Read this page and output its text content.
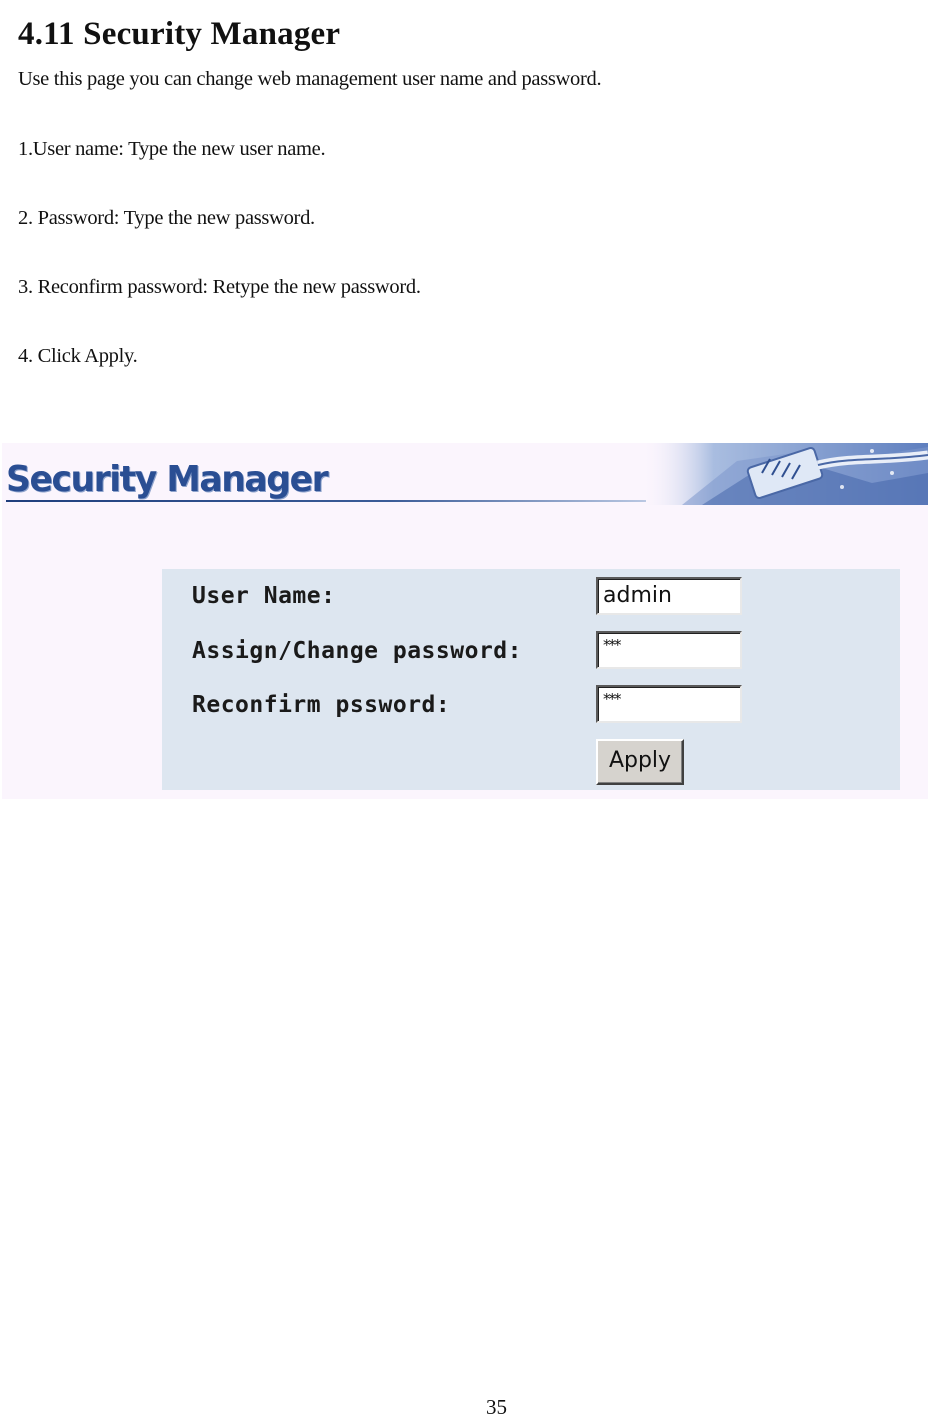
4.11 Security Manager

Use this page you can change web management user name and password.

1.User name: Type the new user name.

2. Password: Type the new password.

3. Reconfirm password: Retype the new password.

4. Click Apply.

Security Manager
User Name:	admin
Assign/Change password:	***
Reconfirm pssword:	***
Apply

35
